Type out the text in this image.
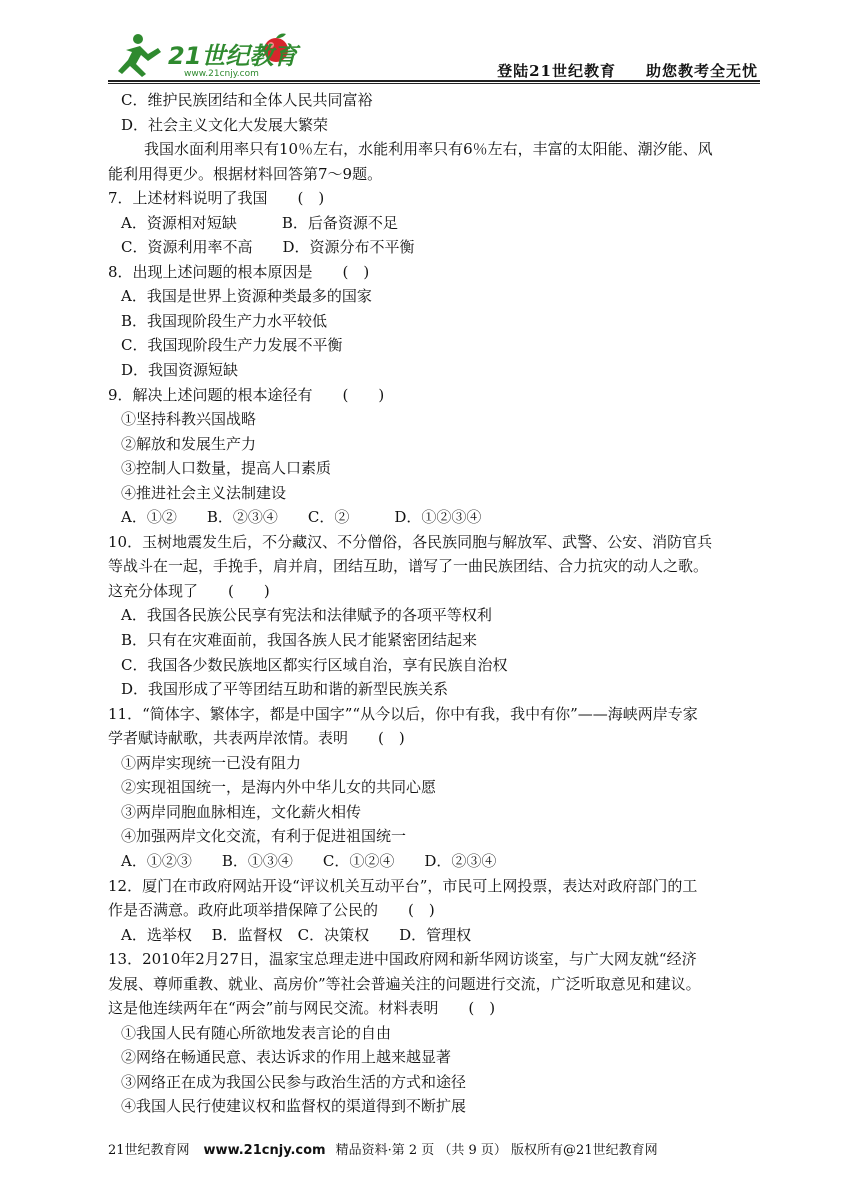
21世纪教育
www.21cnjy.com	登陆21世纪教育 助您教考全无忧
C．维护民族团结和全体人民共同富裕
D．社会主义文化大发展大繁荣
我国水面利用率只有10％左右，水能利用率只有6％左右，丰富的太阳能、潮汐能、风
能利用得更少。根据材料回答第7～9题。
7．上述材料说明了我国　　(　)
A．资源相对短缺　　　B．后备资源不足
C．资源利用率不高　　D．资源分布不平衡
8．出现上述问题的根本原因是　　(　)
A．我国是世界上资源种类最多的国家
B．我国现阶段生产力水平较低
C．我国现阶段生产力发展不平衡
D．我国资源短缺
9．解决上述问题的根本途径有　　(　　)
①坚持科教兴国战略
②解放和发展生产力
③控制人口数量，提高人口素质
④推进社会主义法制建设
A．①②　　B．②③④　　C．②　　　D．①②③④
10．玉树地震发生后，不分藏汉、不分僧俗，各民族同胞与解放军、武警、公安、消防官兵
等战斗在一起，手挽手，肩并肩，团结互助，谱写了一曲民族团结、合力抗灾的动人之歌。
这充分体现了　　(　　)
A．我国各民族公民享有宪法和法律赋予的各项平等权利
B．只有在灾难面前，我国各族人民才能紧密团结起来
C．我国各少数民族地区都实行区域自治，享有民族自治权
D．我国形成了平等团结互助和谐的新型民族关系
11．“简体字、繁体字，都是中国字”“从今以后，你中有我，我中有你”——海峡两岸专家
学者赋诗献歌，共表两岸浓情。表明　　(　)
①两岸实现统一已没有阻力
②实现祖国统一，是海内外中华儿女的共同心愿
③两岸同胞血脉相连，文化薪火相传
④加强两岸文化交流，有利于促进祖国统一
A．①②③　　B．①③④　　C．①②④　　D．②③④
12．厦门在市政府网站开设“评议机关互动平台”，市民可上网投票，表达对政府部门的工
作是否满意。政府此项举措保障了公民的　　(　)
A．选举权　 B．监督权　C．决策权　　D．管理权
13．2010年2月27日，温家宝总理走进中国政府网和新华网访谈室，与广大网友就“经济
发展、尊师重教、就业、高房价”等社会普遍关注的问题进行交流，广泛听取意见和建议。
这是他连续两年在“两会”前与网民交流。材料表明　　(　)
①我国人民有随心所欲地发表言论的自由
②网络在畅通民意、表达诉求的作用上越来越显著
③网络正在成为我国公民参与政治生活的方式和途径
④我国人民行使建议权和监督权的渠道得到不断扩展
21世纪教育网 www.21cnjy.com 精品资料·第 2 页 （共 9 页） 版权所有@21世纪教育网
